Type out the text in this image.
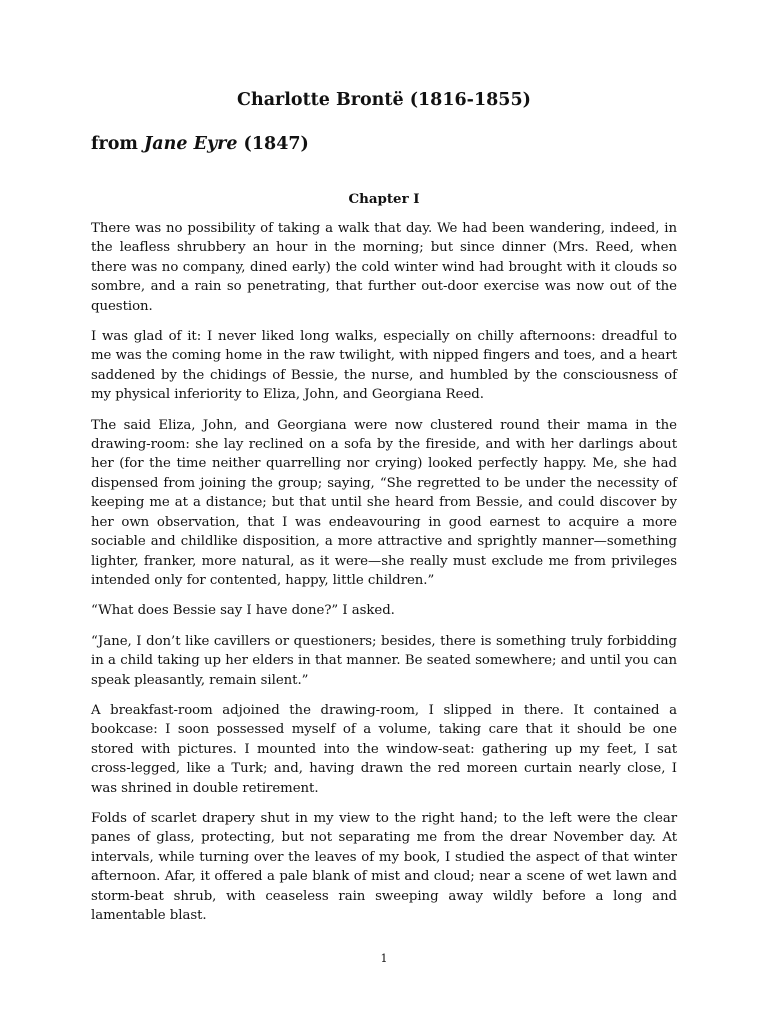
Charlotte Brontë (1816-1855)
from Jane Eyre (1847)
Chapter I

There was no possibility of taking a walk that day. We had been wandering, indeed, in the leafless shrubbery an hour in the morning; but since dinner (Mrs. Reed, when there was no company, dined early) the cold winter wind had brought with it clouds so sombre, and a rain so penetrating, that further out-door exercise was now out of the question.

I was glad of it: I never liked long walks, especially on chilly afternoons: dreadful to me was the coming home in the raw twilight, with nipped fingers and toes, and a heart saddened by the chidings of Bessie, the nurse, and humbled by the consciousness of my physical inferiority to Eliza, John, and Georgiana Reed.

The said Eliza, John, and Georgiana were now clustered round their mama in the drawing-room: she lay reclined on a sofa by the fireside, and with her darlings about her (for the time neither quarrelling nor crying) looked perfectly happy. Me, she had dispensed from joining the group; saying, “She regretted to be under the necessity of keeping me at a distance; but that until she heard from Bessie, and could discover by her own observation, that I was endeavouring in good earnest to acquire a more sociable and childlike disposition, a more attractive and sprightly manner—something lighter, franker, more natural, as it were—she really must exclude me from privileges intended only for contented, happy, little children.”

“What does Bessie say I have done?” I asked.

“Jane, I don’t like cavillers or questioners; besides, there is something truly forbidding in a child taking up her elders in that manner. Be seated somewhere; and until you can speak pleasantly, remain silent.”

A breakfast-room adjoined the drawing-room, I slipped in there. It contained a bookcase: I soon possessed myself of a volume, taking care that it should be one stored with pictures. I mounted into the window-seat: gathering up my feet, I sat cross-legged, like a Turk; and, having drawn the red moreen curtain nearly close, I was shrined in double retirement.

Folds of scarlet drapery shut in my view to the right hand; to the left were the clear panes of glass, protecting, but not separating me from the drear November day. At intervals, while turning over the leaves of my book, I studied the aspect of that winter afternoon. Afar, it offered a pale blank of mist and cloud; near a scene of wet lawn and storm-beat shrub, with ceaseless rain sweeping away wildly before a long and lamentable blast.

1
